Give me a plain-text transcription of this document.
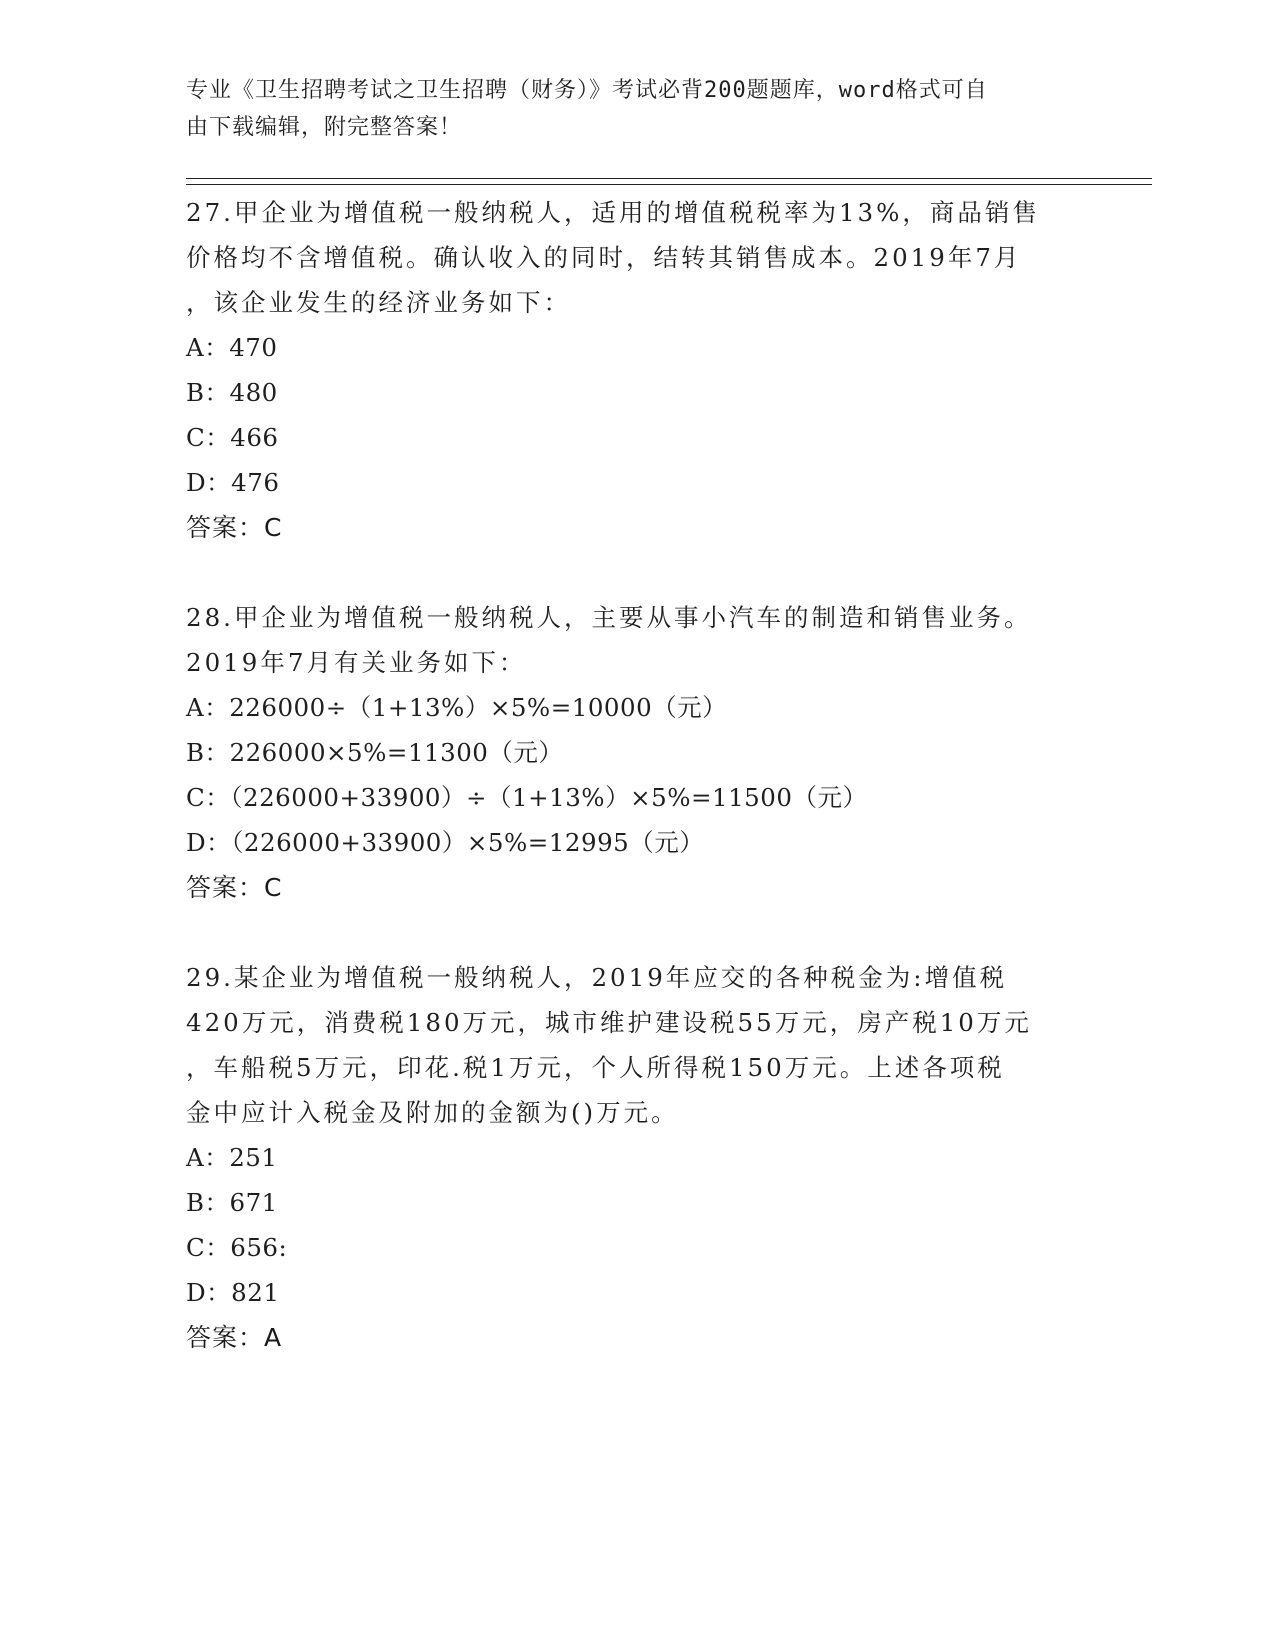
专业《卫生招聘考试之卫生招聘（财务）》考试必背200题题库，word格式可自
由下载编辑，附完整答案！
27.甲企业为增值税一般纳税人，适用的增值税税率为13%，商品销售
价格均不含增值税。确认收入的同时，结转其销售成本。2019年7月
，该企业发生的经济业务如下：
A：470
B：480
C：466
D：476
答案：C
28.甲企业为增值税一般纳税人，主要从事小汽车的制造和销售业务。
2019年7月有关业务如下：
A：226000÷（1+13%）×5%=10000（元）
B：226000×5%=11300（元）
C：（226000+33900）÷（1+13%）×5%=11500（元）
D：（226000+33900）×5%=12995（元）
答案：C
29.某企业为增值税一般纳税人，2019年应交的各种税金为:增值税
420万元，消费税180万元，城市维护建设税55万元，房产税10万元
，车船税5万元，印花.税1万元，个人所得税150万元。上述各项税
金中应计入税金及附加的金额为()万元。
A：251
B：671
C：656:
D：821
答案：A
